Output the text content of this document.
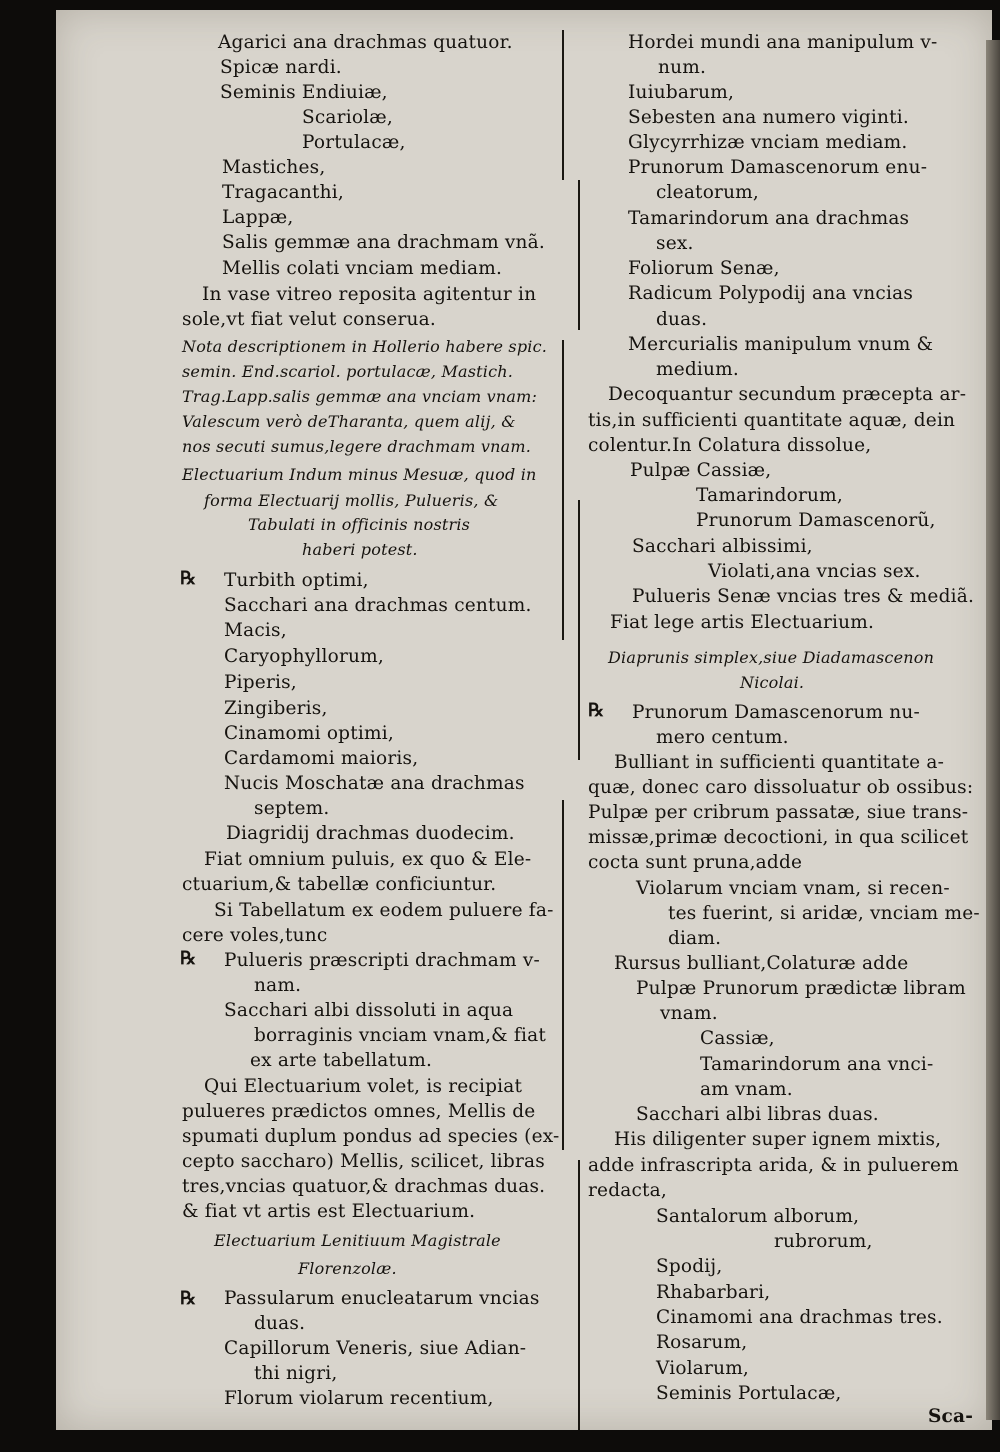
Agarici ana drachmas quatuor.
Spicæ nardi.
Seminis Endiuiæ,
Scariolæ,
Portulacæ,
Mastiches,
Tragacanthi,
Lappæ,
Salis gemmæ ana drachmam vnã.
Mellis colati vnciam mediam.
In vase vitreo reposita agitentur in
sole,vt fiat velut conserua.
Nota descriptionem in Hollerio habere spic.
semin. End.scariol. portulacæ, Mastich.
Trag.Lapp.salis gemmæ ana vnciam vnam:
Valescum verò deTharanta, quem alij, &
nos secuti sumus,legere drachmam vnam.
Electuarium Indum minus Mesuæ, quod in
forma Electuarij mollis, Pulueris, &
Tabulati in officinis nostris
haberi potest.
Turbith optimi,
Sacchari ana drachmas centum.
Macis,
Caryophyllorum,
Piperis,
Zingiberis,
Cinamomi optimi,
Cardamomi maioris,
Nucis Moschatæ ana drachmas
septem.
Diagridij drachmas duodecim.
Fiat omnium puluis, ex quo & Ele-
ctuarium,& tabellæ conficiuntur.
Si Tabellatum ex eodem puluere fa-
cere voles,tunc
Pulueris præscripti drachmam v-
nam.
Sacchari albi dissoluti in aqua
borraginis vnciam vnam,& fiat
ex arte tabellatum.
Qui Electuarium volet, is recipiat
pulueres prædictos omnes, Mellis de
spumati duplum pondus ad species (ex-
cepto saccharo) Mellis, scilicet, libras
tres,vncias quatuor,& drachmas duas.
& fiat vt artis est Electuarium.
Electuarium Lenitiuum Magistrale
Florenzolæ.
Passularum enucleatarum vncias
duas.
Capillorum Veneris, siue Adian-
thi nigri,
Florum violarum recentium,
Hordei mundi ana manipulum v-
num.
Iuiubarum,
Sebesten ana numero viginti.
Glycyrrhizæ vnciam mediam.
Prunorum Damascenorum enu-
cleatorum,
Tamarindorum ana drachmas
sex.
Foliorum Senæ,
Radicum Polypodij ana vncias
duas.
Mercurialis manipulum vnum &
medium.
Decoquantur secundum præcepta ar-
tis,in sufficienti quantitate aquæ, dein
colentur.In Colatura dissolue,
Pulpæ Cassiæ,
Tamarindorum,
Prunorum Damascenorũ,
Sacchari albissimi,
Violati,ana vncias sex.
Pulueris Senæ vncias tres & mediã.
Fiat lege artis Electuarium.
Diaprunis simplex,siue Diadamascenon
Nicolai.
Prunorum Damascenorum nu-
mero centum.
Bulliant in sufficienti quantitate a-
quæ, donec caro dissoluatur ob ossibus:
Pulpæ per cribrum passatæ, siue trans-
missæ,primæ decoctioni, in qua scilicet
cocta sunt pruna,adde
Violarum vnciam vnam, si recen-
tes fuerint, si aridæ, vnciam me-
diam.
Rursus bulliant,Colaturæ adde
Pulpæ Prunorum prædictæ libram
vnam.
Cassiæ,
Tamarindorum ana vnci-
am vnam.
Sacchari albi libras duas.
His diligenter super ignem mixtis,
adde infrascripta arida, & in puluerem
redacta,
Santalorum alborum,
rubrorum,
Spodij,
Rhabarbari,
Cinamomi ana drachmas tres.
Rosarum,
Violarum,
Seminis Portulacæ,
℞
℞
℞
℞
Sca-
